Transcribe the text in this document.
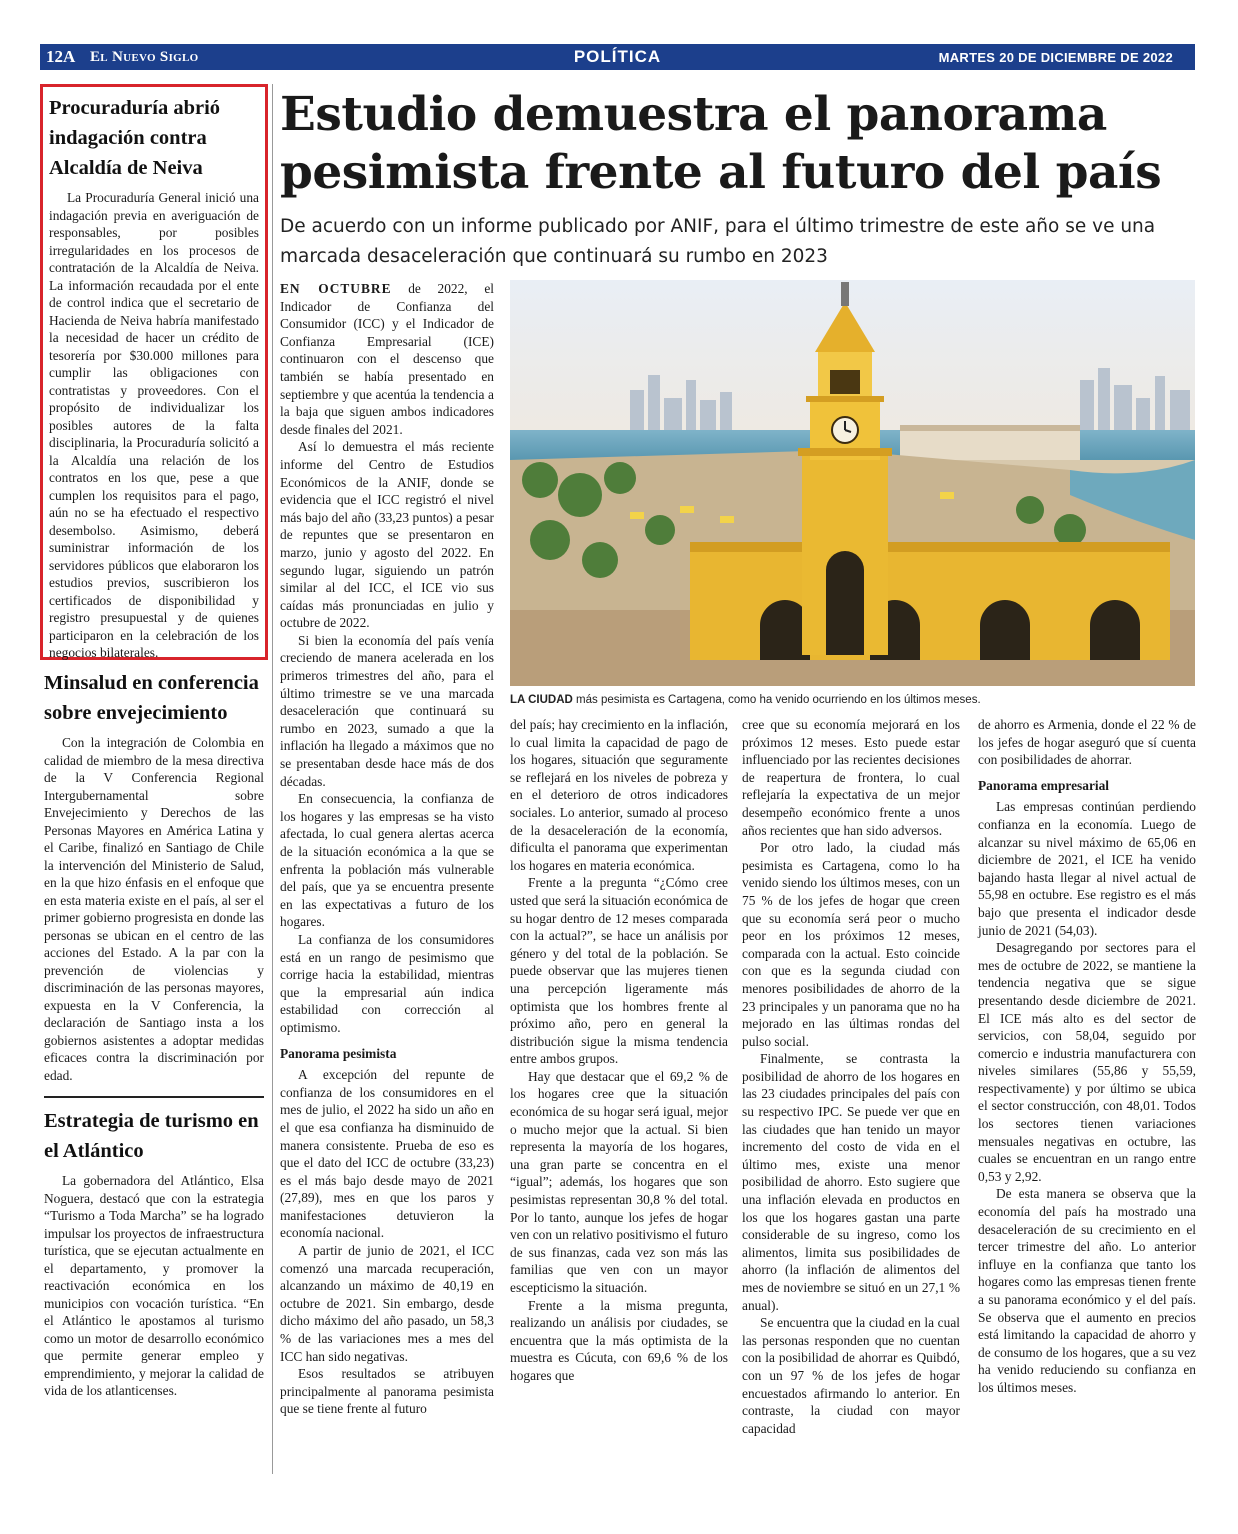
12A El Nuevo Siglo	POLÍTICA	MARTES 20 DE DICIEMBRE DE 2022
Procuraduría abrió indagación contra Alcaldía de Neiva

La Procuraduría General inició una indagación previa en averiguación de responsables, por posibles irregularidades en los procesos de contratación de la Alcaldía de Neiva. La información recaudada por el ente de control indica que el secretario de Hacienda de Neiva habría manifestado la necesidad de hacer un crédito de tesorería por $30.000 millones para cumplir las obligaciones con contratistas y proveedores. Con el propósito de individualizar los posibles autores de la falta disciplinaria, la Procuraduría solicitó a la Alcaldía una relación de los contratos en los que, pese a que cumplen los requisitos para el pago, aún no se ha efectuado el respectivo desembolso. Asimismo, deberá suministrar información de los servidores públicos que elaboraron los estudios previos, suscribieron los certificados de disponibilidad y registro presupuestal y de quienes participaron en la celebración de los negocios bilaterales.

Minsalud en conferencia sobre envejecimiento

Con la integración de Colombia en calidad de miembro de la mesa directiva de la V Conferencia Regional Intergubernamental sobre Envejecimiento y Derechos de las Personas Mayores en América Latina y el Caribe, finalizó en Santiago de Chile la intervención del Ministerio de Salud, en la que hizo énfasis en el enfoque que en esta materia existe en el país, al ser el primer gobierno progresista en donde las personas se ubican en el centro de las acciones del Estado. A la par con la prevención de violencias y discriminación de las personas mayores, expuesta en la V Conferencia, la declaración de Santiago insta a los gobiernos asistentes a adoptar medidas eficaces contra la discriminación por edad.

Estrategia de turismo en el Atlántico

La gobernadora del Atlántico, Elsa Noguera, destacó que con la estrategia “Turismo a Toda Marcha” se ha logrado impulsar los proyectos de infraestructura turística, que se ejecutan actualmente en el departamento, y promover la reactivación económica en los municipios con vocación turística. “En el Atlántico le apostamos al turismo como un motor de desarrollo económico que permite generar empleo y emprendimiento, y mejorar la calidad de vida de los atlanticenses.

Estudio demuestra el panorama pesimista frente al futuro del país

De acuerdo con un informe publicado por ANIF, para el último trimestre de este año se ve una marcada desaceleración que continuará su rumbo en 2023

LA CIUDAD más pesimista es Cartagena, como ha venido ocurriendo en los últimos meses.

EN OCTUBRE de 2022, el Indicador de Confianza del Consumidor (ICC) y el Indicador de Confianza Empresarial (ICE) continuaron con el descenso que también se había presentado en septiembre y que acentúa la tendencia a la baja que siguen ambos indicadores desde finales del 2021.

Así lo demuestra el más reciente informe del Centro de Estudios Económicos de la ANIF, donde se evidencia que el ICC registró el nivel más bajo del año (33,23 puntos) a pesar de repuntes que se presentaron en marzo, junio y agosto del 2022. En segundo lugar, siguiendo un patrón similar al del ICC, el ICE vio sus caídas más pronunciadas en julio y octubre de 2022.

Si bien la economía del país venía creciendo de manera acelerada en los primeros trimestres del año, para el último trimestre se ve una marcada desaceleración que continuará su rumbo en 2023, sumado a que la inflación ha llegado a máximos que no se presentaban desde hace más de dos décadas.

En consecuencia, la confianza de los hogares y las empresas se ha visto afectada, lo cual genera alertas acerca de la situación económica a la que se enfrenta la población más vulnerable del país, que ya se encuentra presente en las expectativas a futuro de los hogares.

La confianza de los consumidores está en un rango de pesimismo que corrige hacia la estabilidad, mientras que la empresarial aún indica estabilidad con corrección al optimismo.

Panorama pesimista

A excepción del repunte de confianza de los consumidores en el mes de julio, el 2022 ha sido un año en el que esa confianza ha disminuido de manera consistente. Prueba de eso es que el dato del ICC de octubre (33,23) es el más bajo desde mayo de 2021 (27,89), mes en que los paros y manifestaciones detuvieron la economía nacional.

A partir de junio de 2021, el ICC comenzó una marcada recuperación, alcanzando un máximo de 40,19 en octubre de 2021. Sin embargo, desde dicho máximo del año pasado, un 58,3 % de las variaciones mes a mes del ICC han sido negativas.

Esos resultados se atribuyen principalmente al panorama pesimista que se tiene frente al futuro

del país; hay crecimiento en la inflación, lo cual limita la capacidad de pago de los hogares, situación que seguramente se reflejará en los niveles de pobreza y en el deterioro de otros indicadores sociales. Lo anterior, sumado al proceso de la desaceleración de la economía, dificulta el panorama que experimentan los hogares en materia económica.

Frente a la pregunta “¿Cómo cree usted que será la situación económica de su hogar dentro de 12 meses comparada con la actual?”, se hace un análisis por género y del total de la población. Se puede observar que las mujeres tienen una percepción ligeramente más optimista que los hombres frente al próximo año, pero en general la distribución sigue la misma tendencia entre ambos grupos.

Hay que destacar que el 69,2 % de los hogares cree que la situación económica de su hogar será igual, mejor o mucho mejor que la actual. Si bien representa la mayoría de los hogares, una gran parte se concentra en el “igual”; además, los hogares que son pesimistas representan 30,8 % del total. Por lo tanto, aunque los jefes de hogar ven con un relativo positivismo el futuro de sus finanzas, cada vez son más las familias que ven con un mayor escepticismo la situación.

Frente a la misma pregunta, realizando un análisis por ciudades, se encuentra que la más optimista de la muestra es Cúcuta, con 69,6 % de los hogares que

cree que su economía mejorará en los próximos 12 meses. Esto puede estar influenciado por las recientes decisiones de reapertura de frontera, lo cual reflejaría la expectativa de un mejor desempeño económico frente a unos años recientes que han sido adversos.

Por otro lado, la ciudad más pesimista es Cartagena, como lo ha venido siendo los últimos meses, con un 75 % de los jefes de hogar que creen que su economía será peor o mucho peor en los próximos 12 meses, comparada con la actual. Esto coincide con que es la segunda ciudad con menores posibilidades de ahorro de la 23 principales y un panorama que no ha mejorado en las últimas rondas del pulso social.

Finalmente, se contrasta la posibilidad de ahorro de los hogares en las 23 ciudades principales del país con su respectivo IPC. Se puede ver que en las ciudades que han tenido un mayor incremento del costo de vida en el último mes, existe una menor posibilidad de ahorro. Esto sugiere que una inflación elevada en productos en los que los hogares gastan una parte considerable de su ingreso, como los alimentos, limita sus posibilidades de ahorro (la inflación de alimentos del mes de noviembre se situó en un 27,1 % anual).

Se encuentra que la ciudad en la cual las personas responden que no cuentan con la posibilidad de ahorrar es Quibdó, con un 97 % de los jefes de hogar encuestados afirmando lo anterior. En contraste, la ciudad con mayor capacidad

de ahorro es Armenia, donde el 22 % de los jefes de hogar aseguró que sí cuenta con posibilidades de ahorrar.

Panorama empresarial

Las empresas continúan perdiendo confianza en la economía. Luego de alcanzar su nivel máximo de 65,06 en diciembre de 2021, el ICE ha venido bajando hasta llegar al nivel actual de 55,98 en octubre. Ese registro es el más bajo que presenta el indicador desde junio de 2021 (54,03).

Desagregando por sectores para el mes de octubre de 2022, se mantiene la tendencia negativa que se sigue presentando desde diciembre de 2021. El ICE más alto es del sector de servicios, con 58,04, seguido por comercio e industria manufacturera con niveles similares (55,86 y 55,59, respectivamente) y por último se ubica el sector construcción, con 48,01. Todos los sectores tienen variaciones mensuales negativas en octubre, las cuales se encuentran en un rango entre 0,53 y 2,92.

De esta manera se observa que la economía del país ha mostrado una desaceleración de su crecimiento en el tercer trimestre del año. Lo anterior influye en la confianza que tanto los hogares como las empresas tienen frente a su panorama económico y el del país. Se observa que el aumento en precios está limitando la capacidad de ahorro y de consumo de los hogares, que a su vez ha venido reduciendo su confianza en los últimos meses.
